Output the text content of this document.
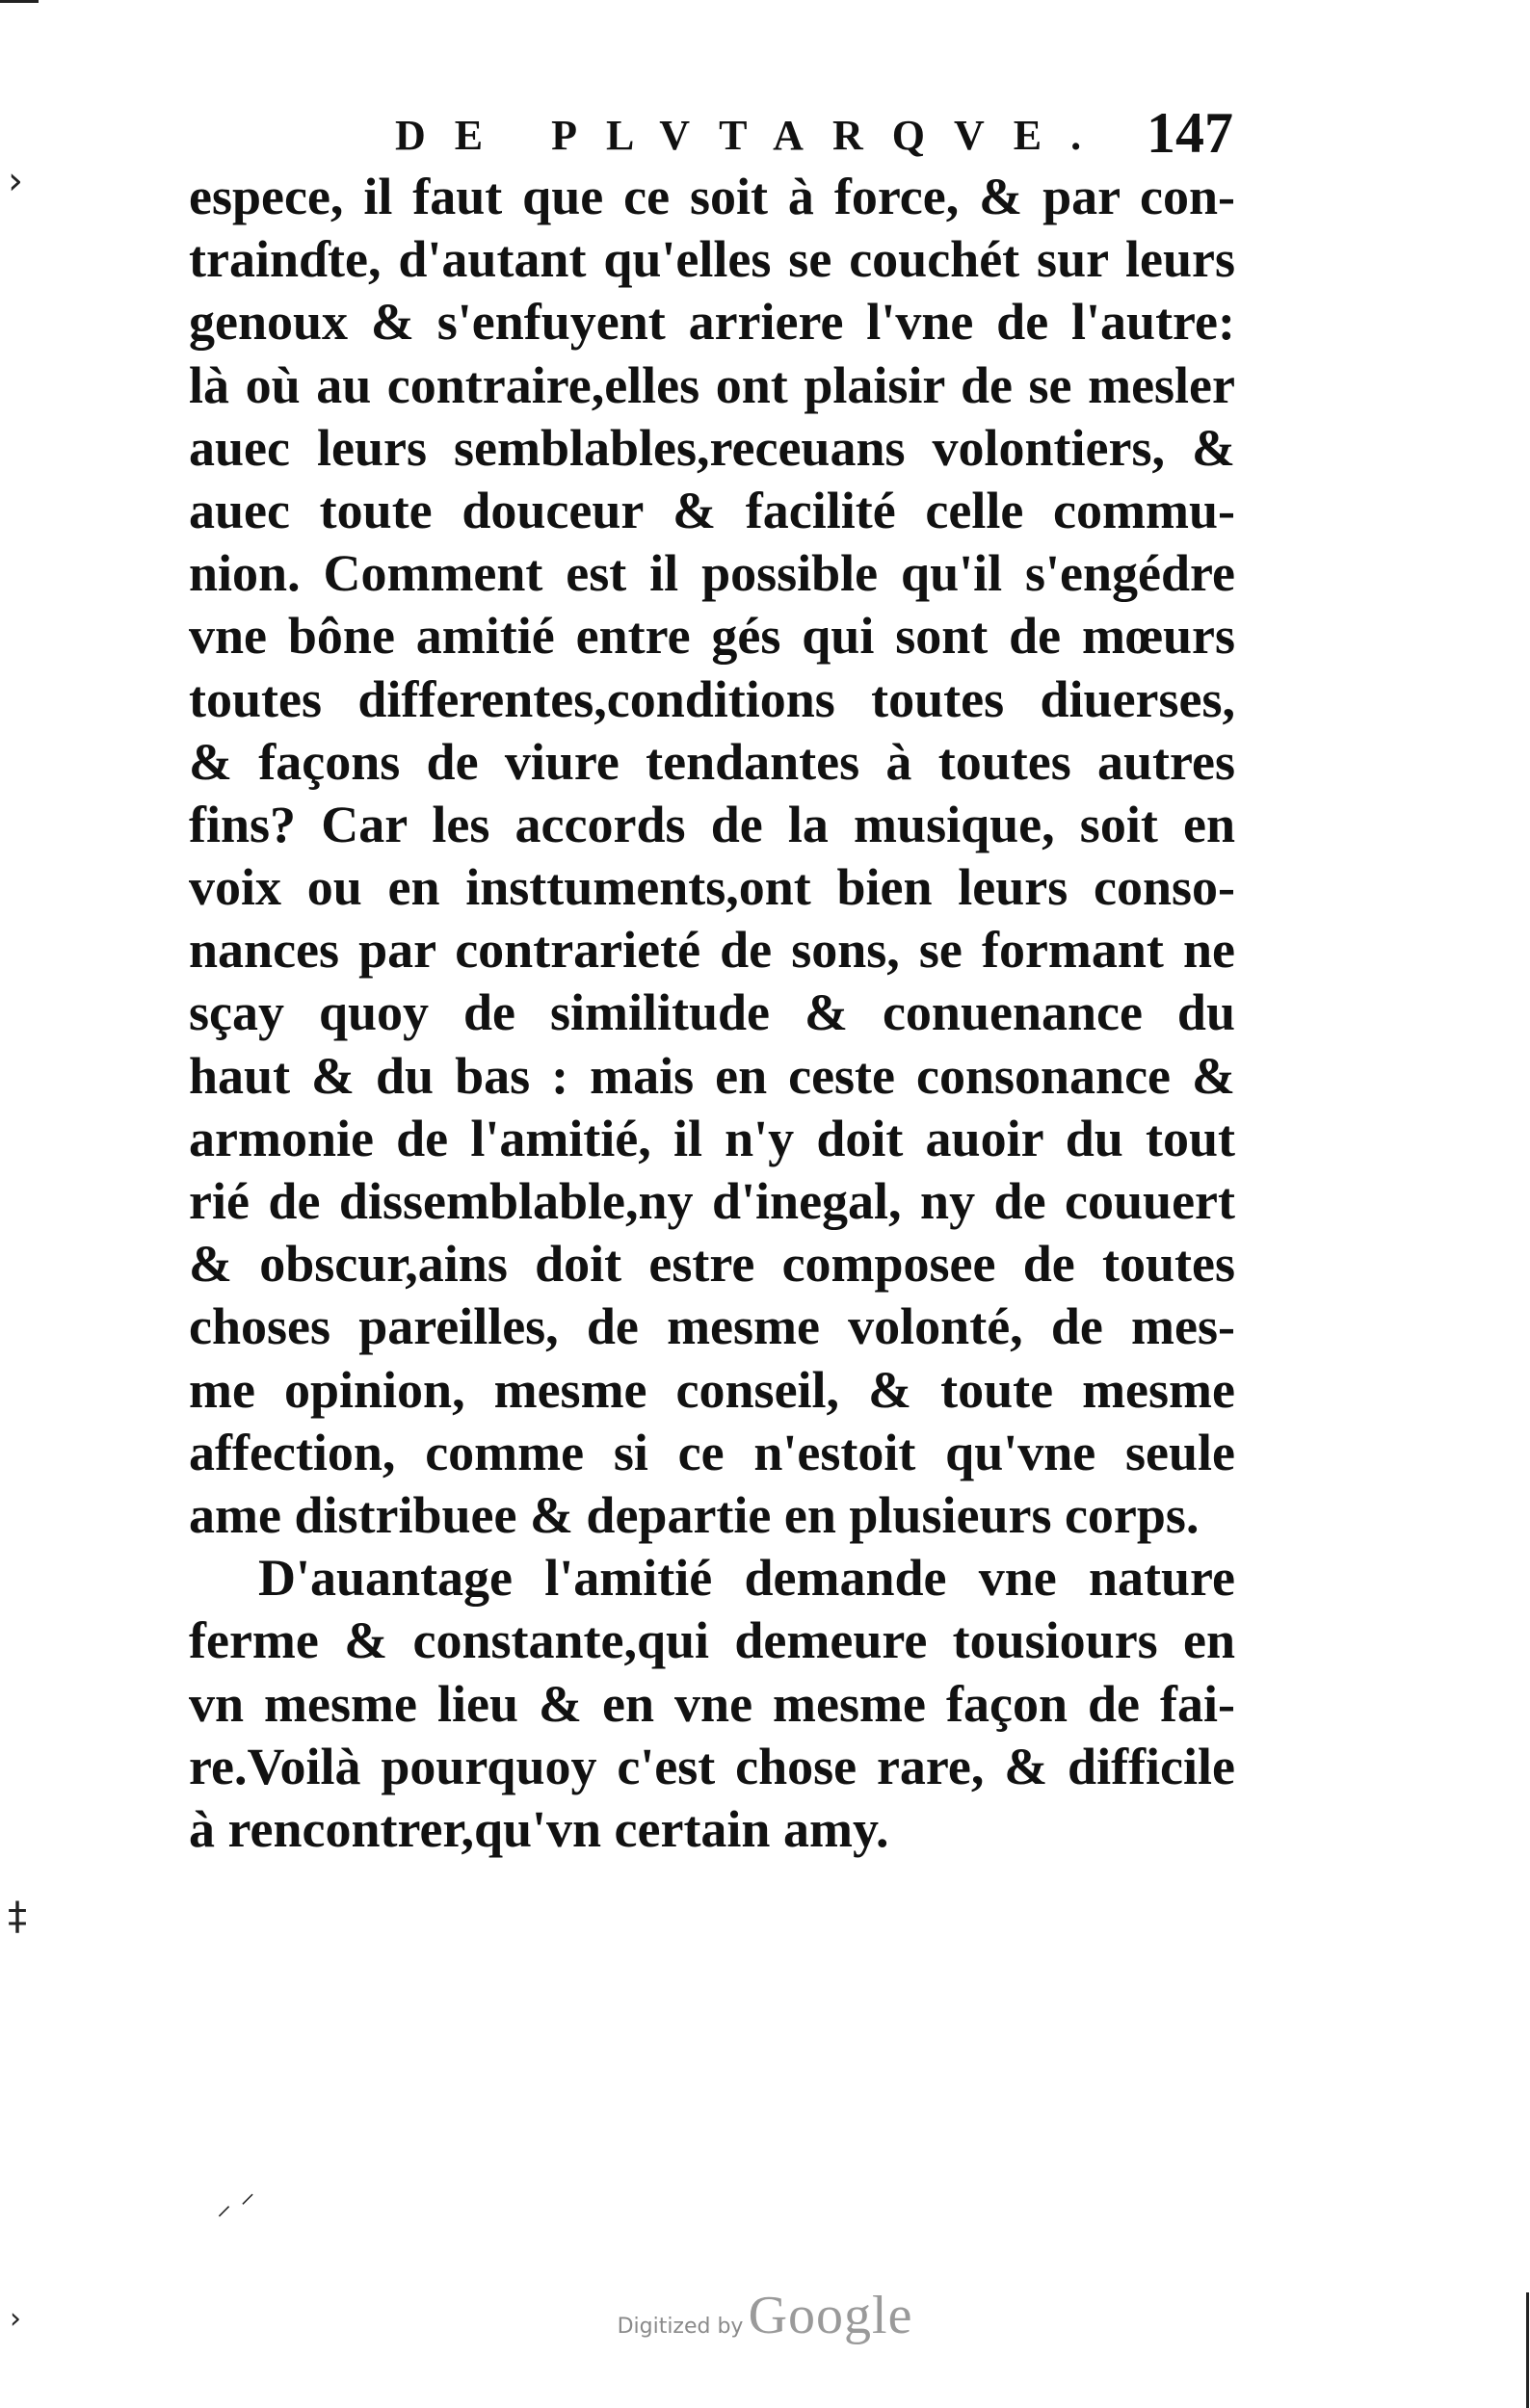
›
‡
›
⸝ ⸍
DE PLVTARQVE. 147
espece, il faut que ce soit à force, & par con-
trainɗte, d'autant qu'elles se couchét sur leurs
genoux & s'enfuyent arriere l'vne de l'autre:
là où au contraire,elles ont plaisir de se mesler
auec leurs semblables,receuans volontiers, &
auec toute douceur & facilité celle commu-
nion. Comment est il possible qu'il s'engédre
vne bône amitié entre gés qui sont de mœurs
toutes differentes,conditions toutes diuerses,
& façons de viure tendantes à toutes autres
fins? Car les accords de la musique, soit en
voix ou en insttuments,ont bien leurs conso-
nances par contrarieté de sons, se formant ne
sçay quoy de similitude & conuenance du
haut & du bas : mais en ceste consonance &
armonie de l'amitié, il n'y doit auoir du tout
rié de dissemblable,ny d'inegal, ny de couuert
& obscur,ains doit estre composee de toutes
choses pareilles, de mesme volonté, de mes-
me opinion, mesme conseil, & toute mesme
affection, comme si ce n'estoit qu'vne seule
ame distribuee & departie en plusieurs corps.
D'auantage l'amitié demande vne nature
ferme & constante,qui demeure tousiours en
vn mesme lieu & en vne mesme façon de fai-
re.Voilà pourquoy c'est chose rare, & difficile
à rencontrer,qu'vn certain amy.
Digitized by Google
